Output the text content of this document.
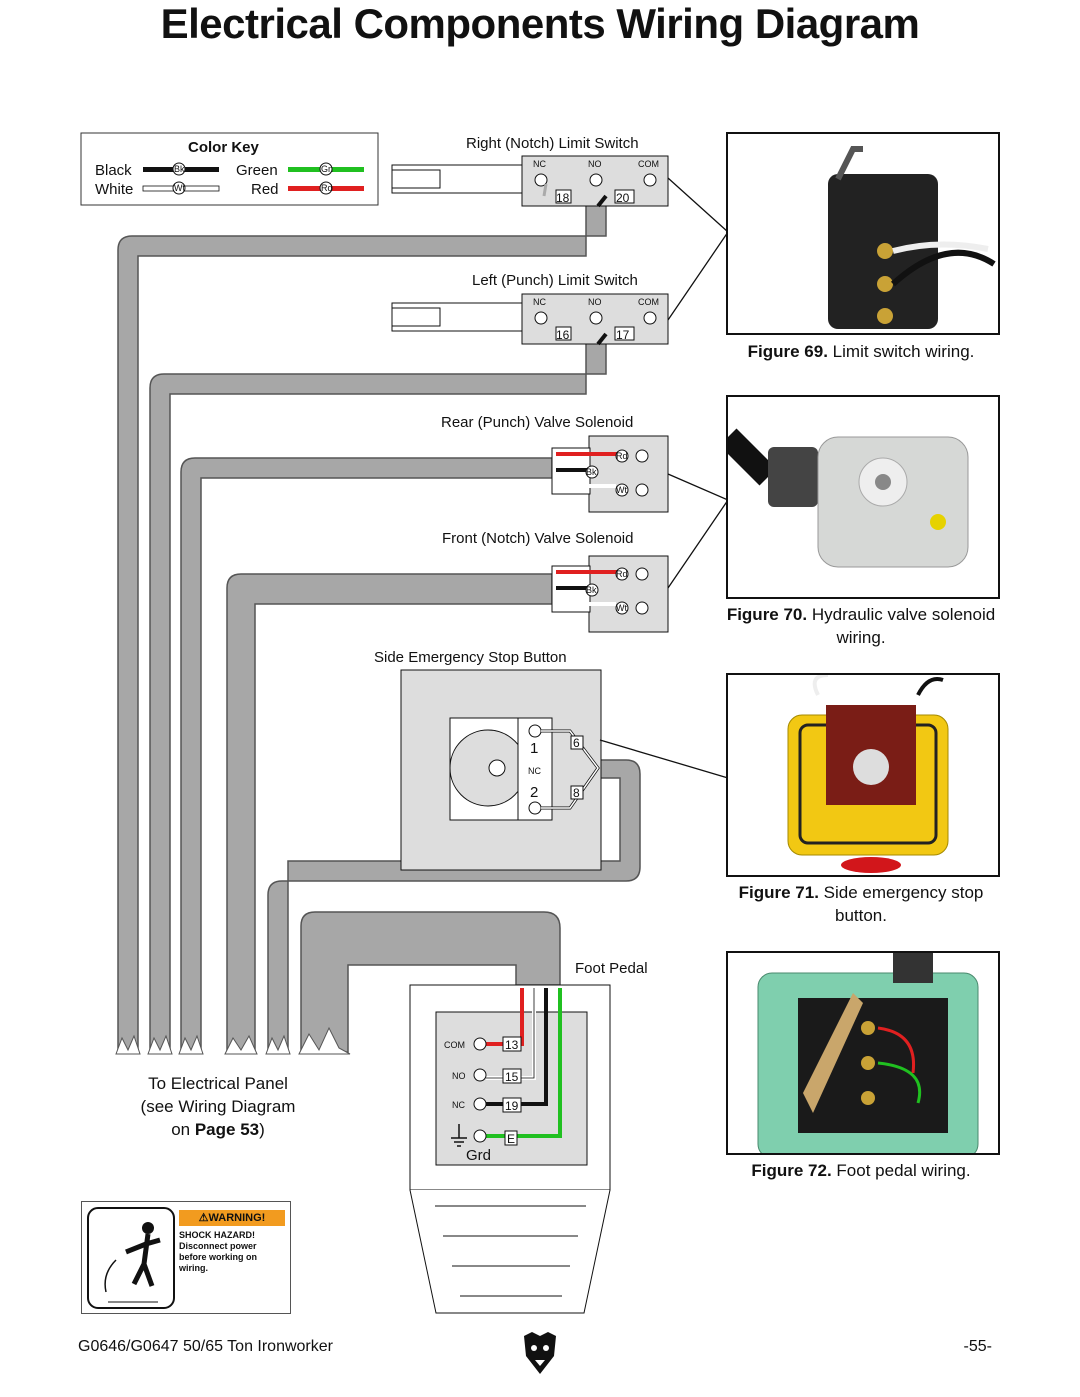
Electrical Components Wiring Diagram
Color Key
Black	Bk
White	Wt
Green	Gn
Red	Rd
Right (Notch) Limit Switch
NC	NO	COM
18	20
Left (Punch) Limit Switch
NC	NO	COM
16	17
Rear (Punch) Valve Solenoid
Rd
Bk
Wt
Front (Notch) Valve Solenoid
Rd
Bk
Wt
Side Emergency Stop Button
1
NC
2
6
8
Foot Pedal
COM	13
NO	15
NC	19
E
Grd
Figure 69. Limit switch wiring.
Figure 70. Hydraulic valve solenoid wiring.
Figure 71. Side emergency stop button.
Figure 72. Foot pedal wiring.
To Electrical Panel
(see Wiring Diagram
on Page 53)
⚠WARNING!
SHOCK HAZARD!
Disconnect power
before working on
wiring.
G0646/G0647 50/65 Ton Ironworker	-55-
